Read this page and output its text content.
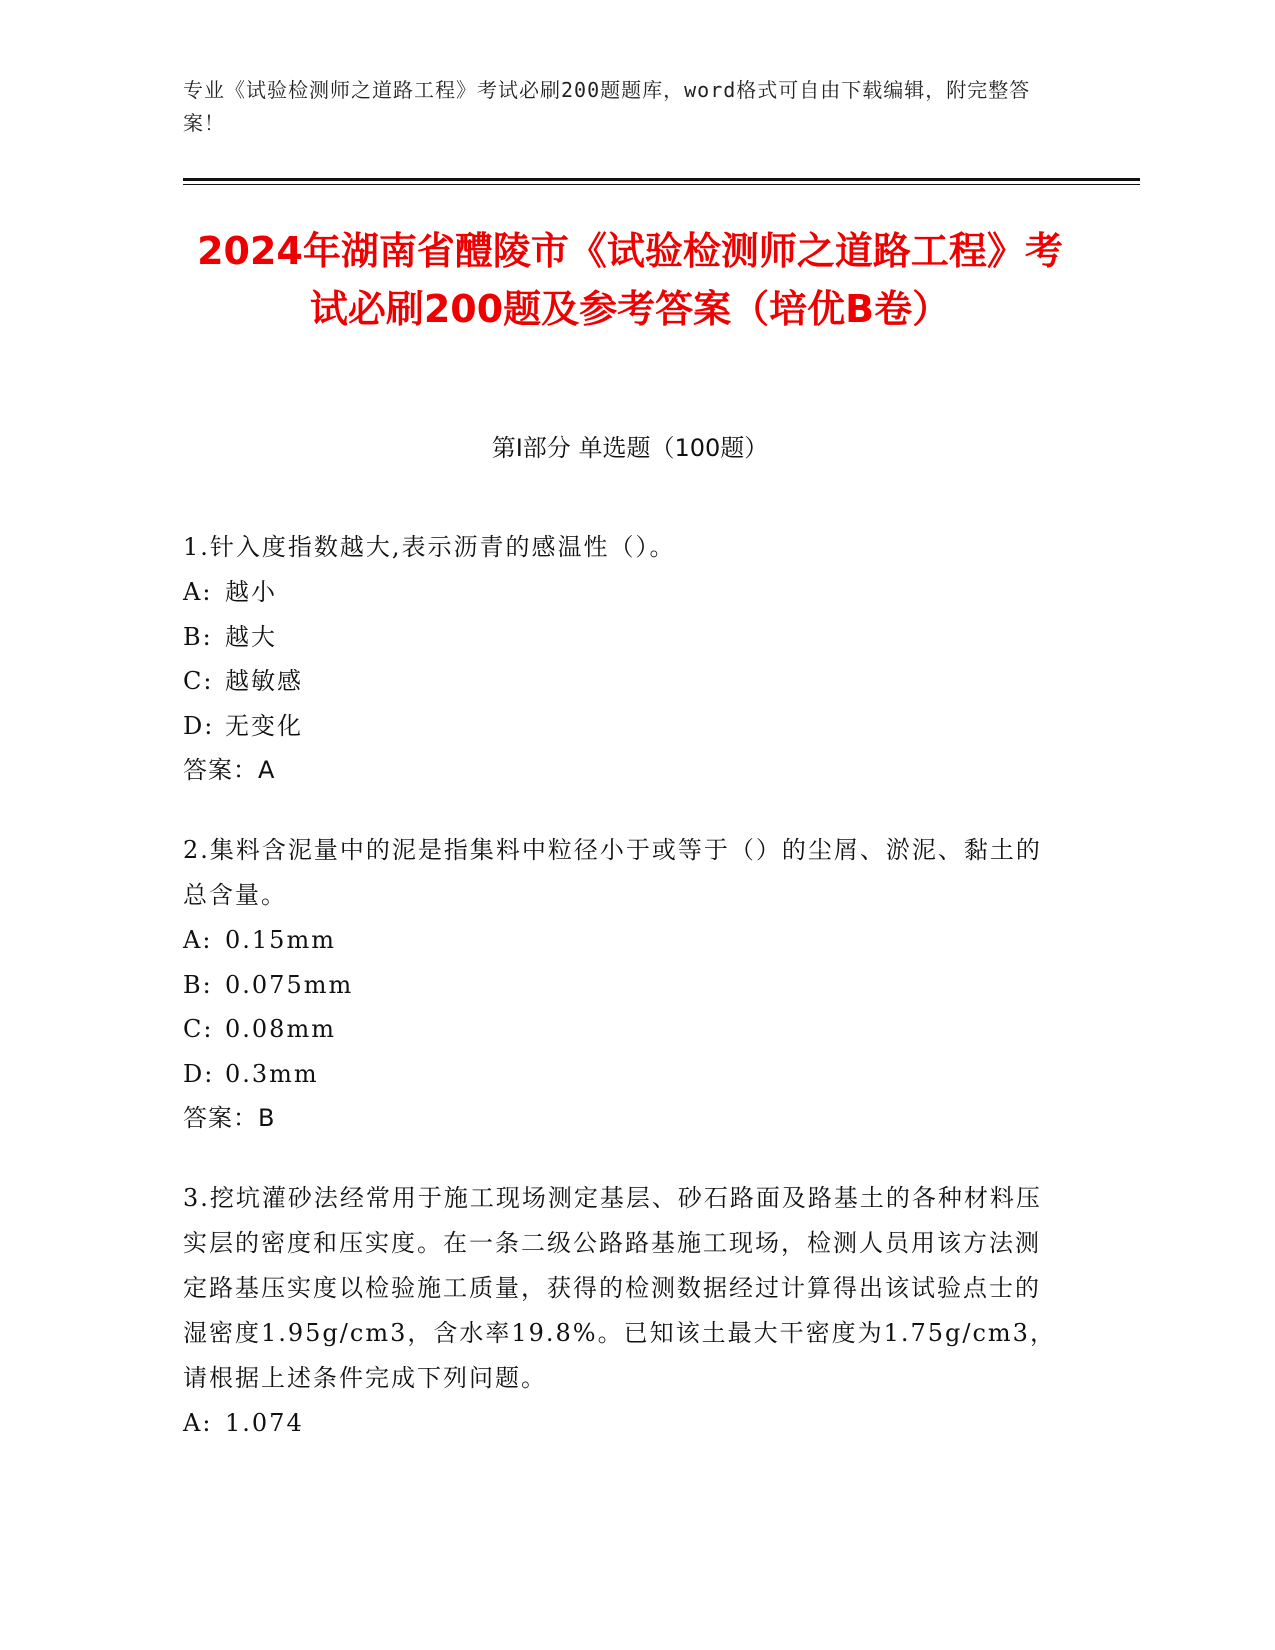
专业《试验检测师之道路工程》考试必刷200题题库，word格式可自由下载编辑，附完整答案！
2024年湖南省醴陵市《试验检测师之道路工程》考试必刷200题及参考答案（培优B卷）
第I部分 单选题（100题）

1.针入度指数越大,表示沥青的感温性（）。

A: 越小

B: 越大

C: 越敏感

D: 无变化

答案：A

2.集料含泥量中的泥是指集料中粒径小于或等于（）的尘屑、淤泥、黏土的总含量。

A: 0.15mm

B: 0.075mm

C: 0.08mm

D: 0.3mm

答案：B

3.挖坑灌砂法经常用于施工现场测定基层、砂石路面及路基土的各种材料压实层的密度和压实度。在一条二级公路路基施工现场，检测人员用该方法测定路基压实度以检验施工质量，获得的检测数据经过计算得出该试验点士的湿密度1.95g/cm3，含水率19.8%。已知该土最大干密度为1.75g/cm3，请根据上述条件完成下列问题。

A: 1.074
